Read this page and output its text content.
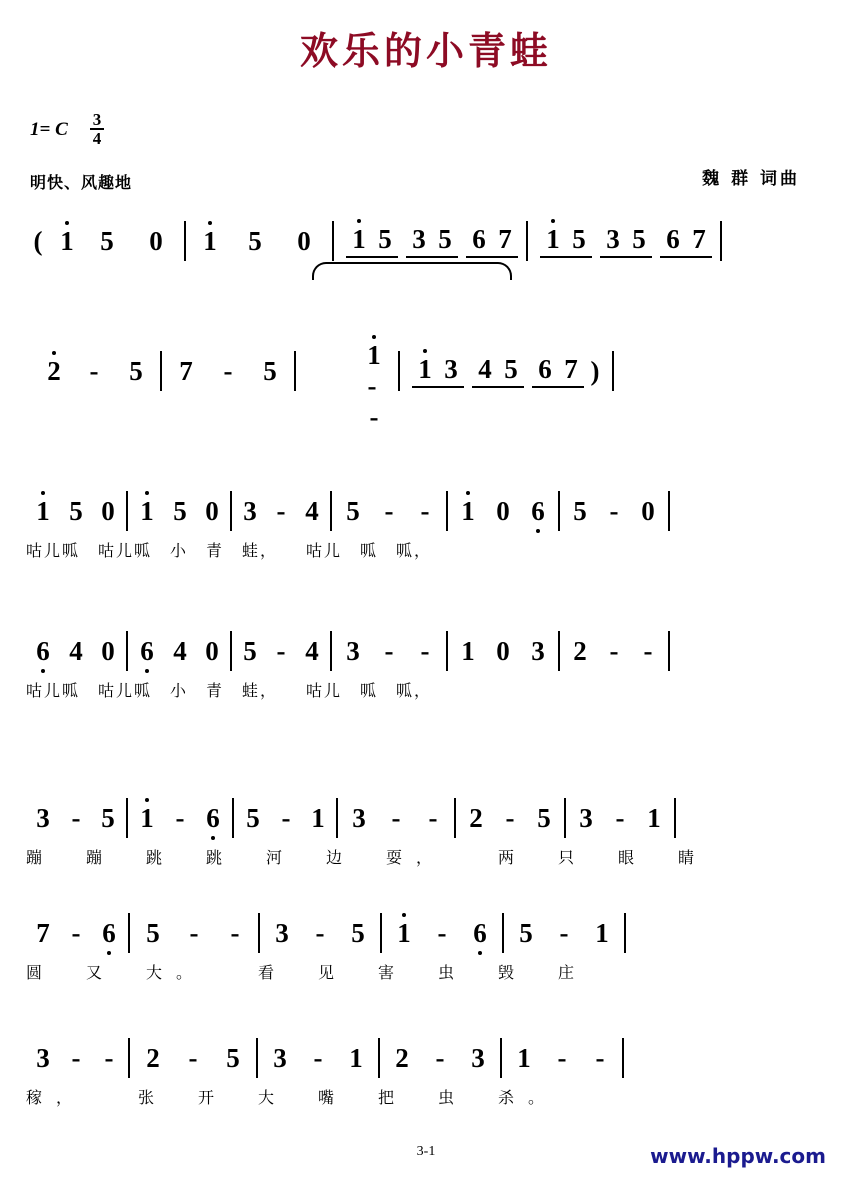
欢乐的小青蛙
1= C $\frac{3}{4}$
明快、风趣地	魏 群 词曲
( 1 5	0	1	5	0	1 5 3 5 6 7 1 5 3 5 6 7
2	-	5	7	-	5

1
-
-

1 3 4 5 6 7 )
1 5 0 1 5 0 3 - 4	5 -	-	1 0 6	5 - 0
咕儿呱　咕儿呱　小　青　蛙，　　咕儿　呱　呱，
6 4 0 6 4 0 5 - 4	3 -	-	1 0 3	2 - -
咕儿呱　咕儿呱　小　青　蛙，　　咕儿　呱　呱，
3 - 5 1 - 6 5 - 1	3 -	-	2 - 5	3 - 1
蹦　蹦　跳　跳　河　边　耍，　　两　只　眼　睛
7 - 6	5	-	-	3 - 5	1 - 6	5 - 1
圆　又　大。　　看　见　害　虫　毁　庄
3 - -	2	-	5	3 - 1	2 - 3	1 -	-
稼，　　张　开　大　嘴　把　虫　杀。
3-1	www.hppw.com
